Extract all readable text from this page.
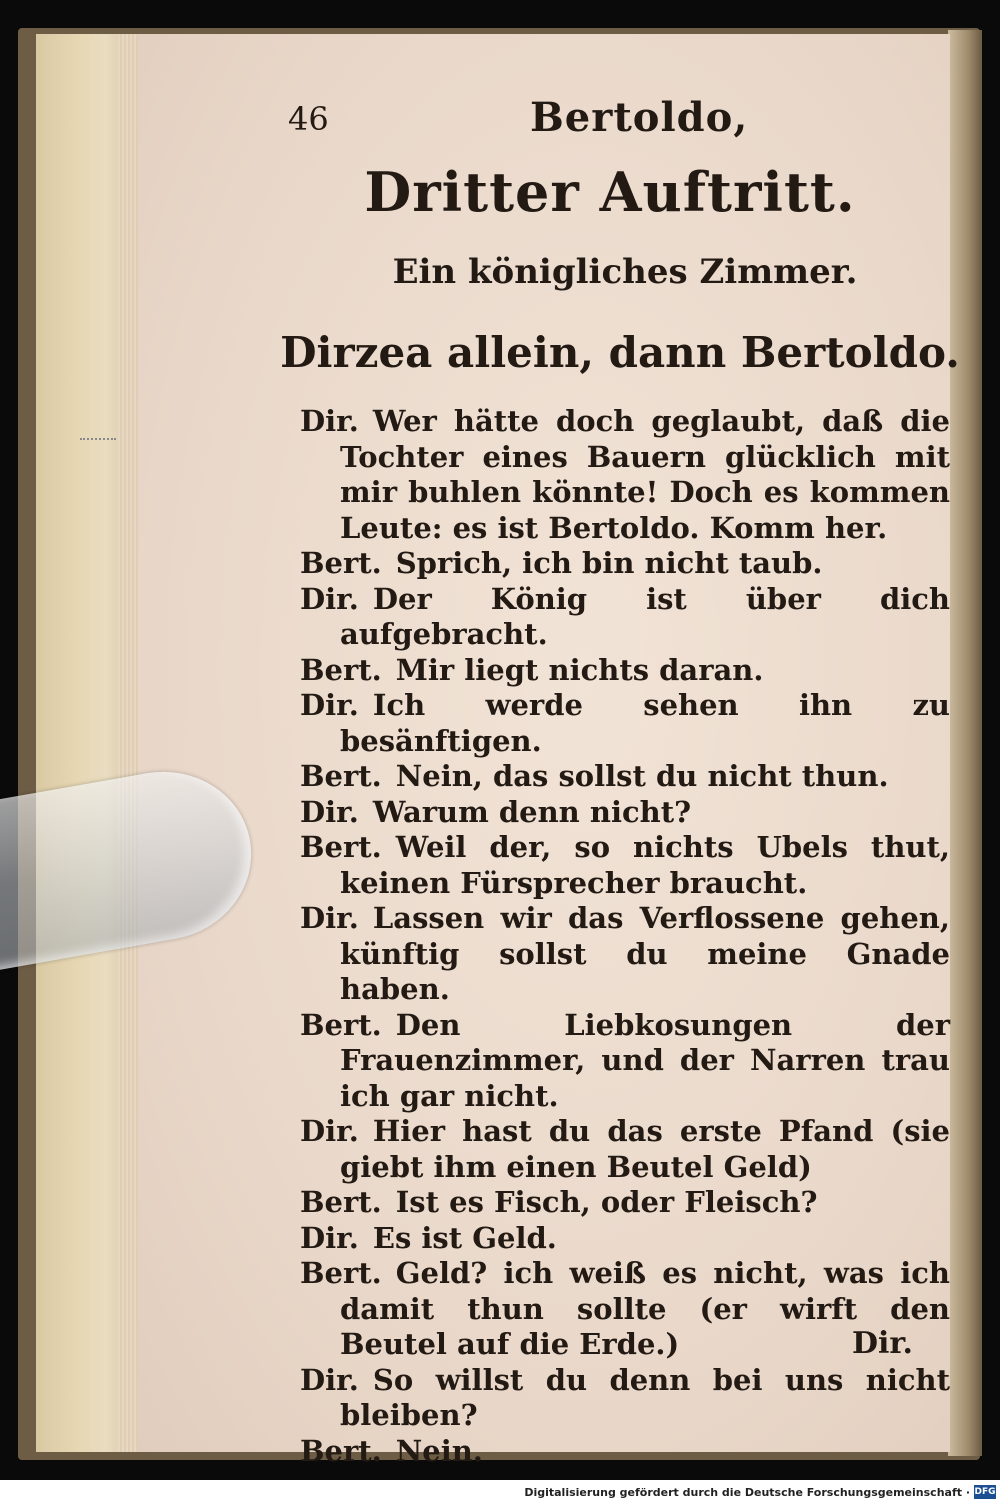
46	Bertoldo,
Dritter Auftritt.
Ein königliches Zimmer.
Dirzea allein, dann Bertoldo.
Dir. Wer hätte doch geglaubt, daß die Tochter eines Bauern glücklich mit mir buhlen könnte! Doch es kommen Leute: es ist Bertoldo. Komm her.
Bert. Sprich, ich bin nicht taub.
Dir. Der König ist über dich aufgebracht.
Bert. Mir liegt nichts daran.
Dir. Ich werde sehen ihn zu besänftigen.
Bert. Nein, das sollst du nicht thun.
Dir. Warum denn nicht?
Bert. Weil der, so nichts Ubels thut, keinen Fürsprecher braucht.
Dir. Lassen wir das Verflossene gehen, künftig sollst du meine Gnade haben.
Bert. Den Liebkosungen der Frauenzimmer, und der Narren trau ich gar nicht.
Dir. Hier hast du das erste Pfand (sie giebt ihm einen Beutel Geld)
Bert. Ist es Fisch, oder Fleisch?
Dir. Es ist Geld.
Bert. Geld? ich weiß es nicht, was ich damit thun sollte (er wirft den Beutel auf die Erde.)
Dir. So willst du denn bei uns nicht bleiben?
Bert. Nein.
Dir.
Digitalisierung gefördert durch die Deutsche Forschungsgemeinschaft · DFG
